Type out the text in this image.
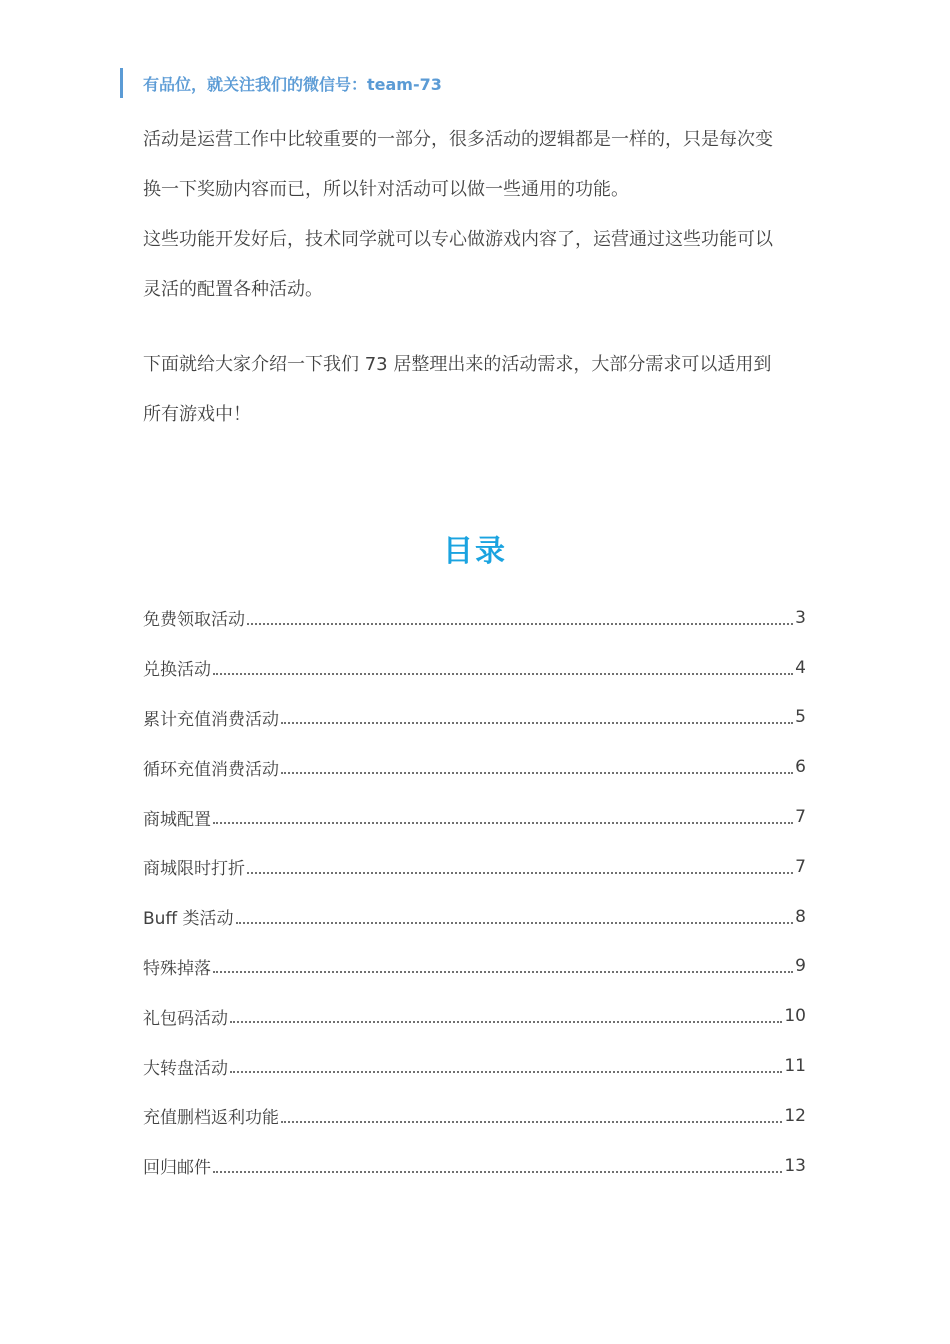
有品位，就关注我们的微信号：team-73
活动是运营工作中比较重要的一部分，很多活动的逻辑都是一样的，只是每次变
换一下奖励内容而已，所以针对活动可以做一些通用的功能。
这些功能开发好后，技术同学就可以专心做游戏内容了，运营通过这些功能可以
灵活的配置各种活动。
下面就给大家介绍一下我们 73 居整理出来的活动需求，大部分需求可以适用到
所有游戏中！
目录
免费领取活动	3
兑换活动	4
累计充值消费活动	5
循环充值消费活动	6
商城配置	7
商城限时打折	7
Buff 类活动	8
特殊掉落	9
礼包码活动	10
大转盘活动	11
充值删档返利功能	12
回归邮件	13
